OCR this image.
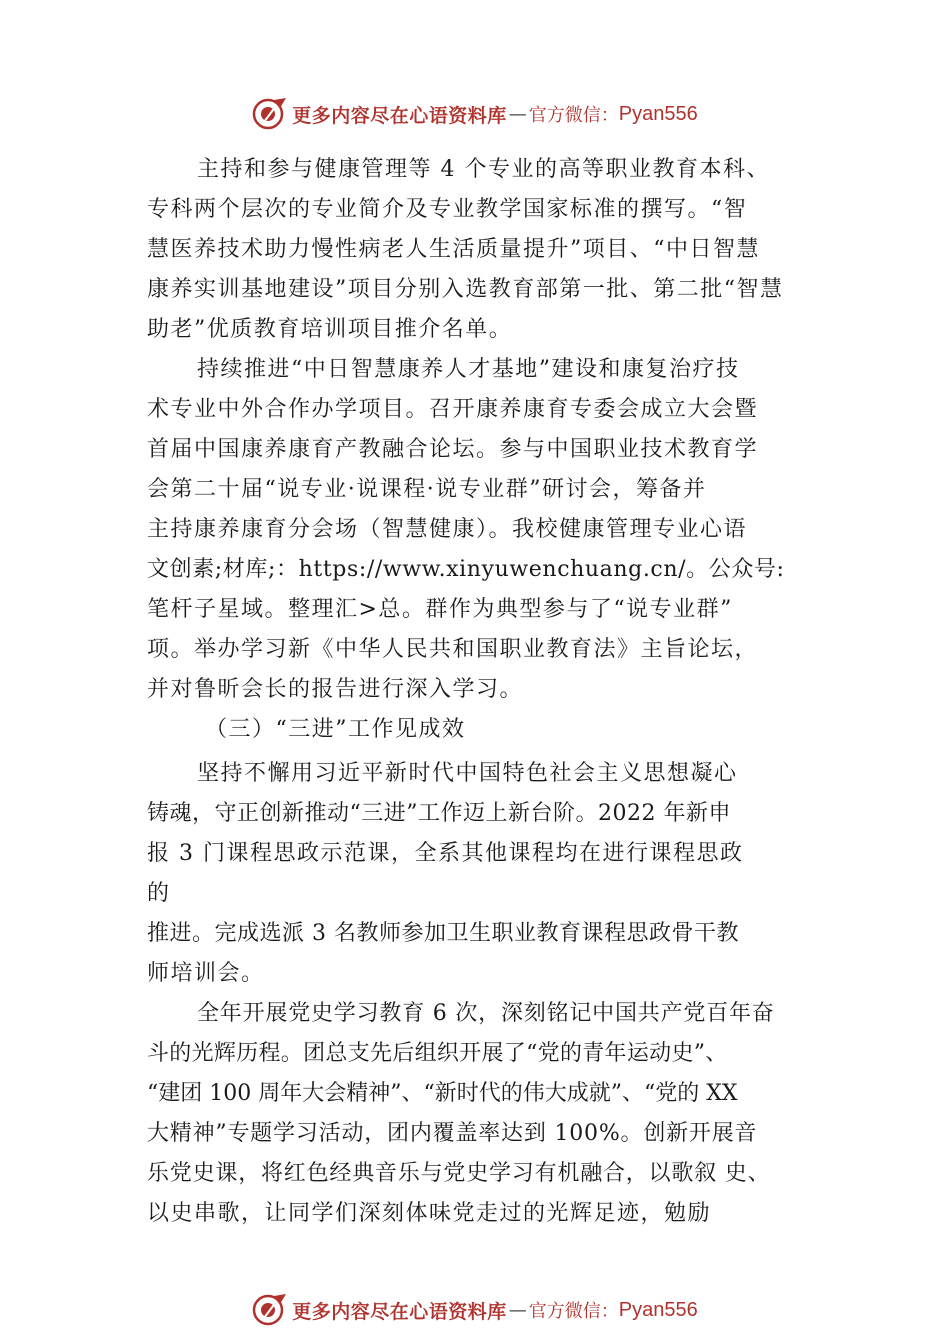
更多内容尽在心语资料库 — 官方微信： Pyan556
主持和参与健康管理等 4 个专业的高等职业教育本科、
专科两个层次的专业简介及专业教学国家标准的撰写。“智
慧医养技术助力慢性病老人生活质量提升”项目、“中日智慧
康养实训基地建设”项目分别入选教育部第一批、第二批“智慧
助老”优质教育培训项目推介名单。
持续推进“中日智慧康养人才基地”建设和康复治疗技
术专业中外合作办学项目。召开康养康育专委会成立大会暨
首届中国康养康育产教融合论坛。参与中国职业技术教育学
会第二十届“说专业·说课程·说专业群”研讨会，筹备并
主持康养康育分会场（智慧健康）。我校健康管理专业心语
文创素;材库;：https://www.xinyuwenchuang.cn/。公众号:
笔杆子星域。整理汇>总。群作为典型参与了“说专业群”
项。举办学习新《中华人民共和国职业教育法》主旨论坛，
并对鲁昕会长的报告进行深入学习。
（三）“三进”工作见成效
坚持不懈用习近平新时代中国特色社会主义思想凝心
铸魂，守正创新推动“三进”工作迈上新台阶。2022 年新申
报 3 门课程思政示范课，全系其他课程均在进行课程思政
的
推进。完成选派 3 名教师参加卫生职业教育课程思政骨干教
师培训会。
全年开展党史学习教育 6 次，深刻铭记中国共产党百年奋
斗的光辉历程。团总支先后组织开展了“党的青年运动史”、
“建团 100 周年大会精神”、“新时代的伟大成就”、“党的 XX
大精神”专题学习活动，团内覆盖率达到 100%。创新开展音
乐党史课，将红色经典音乐与党史学习有机融合，以歌叙 史、
以史串歌，让同学们深刻体味党走过的光辉足迹，勉励
更多内容尽在心语资料库 — 官方微信： Pyan556
